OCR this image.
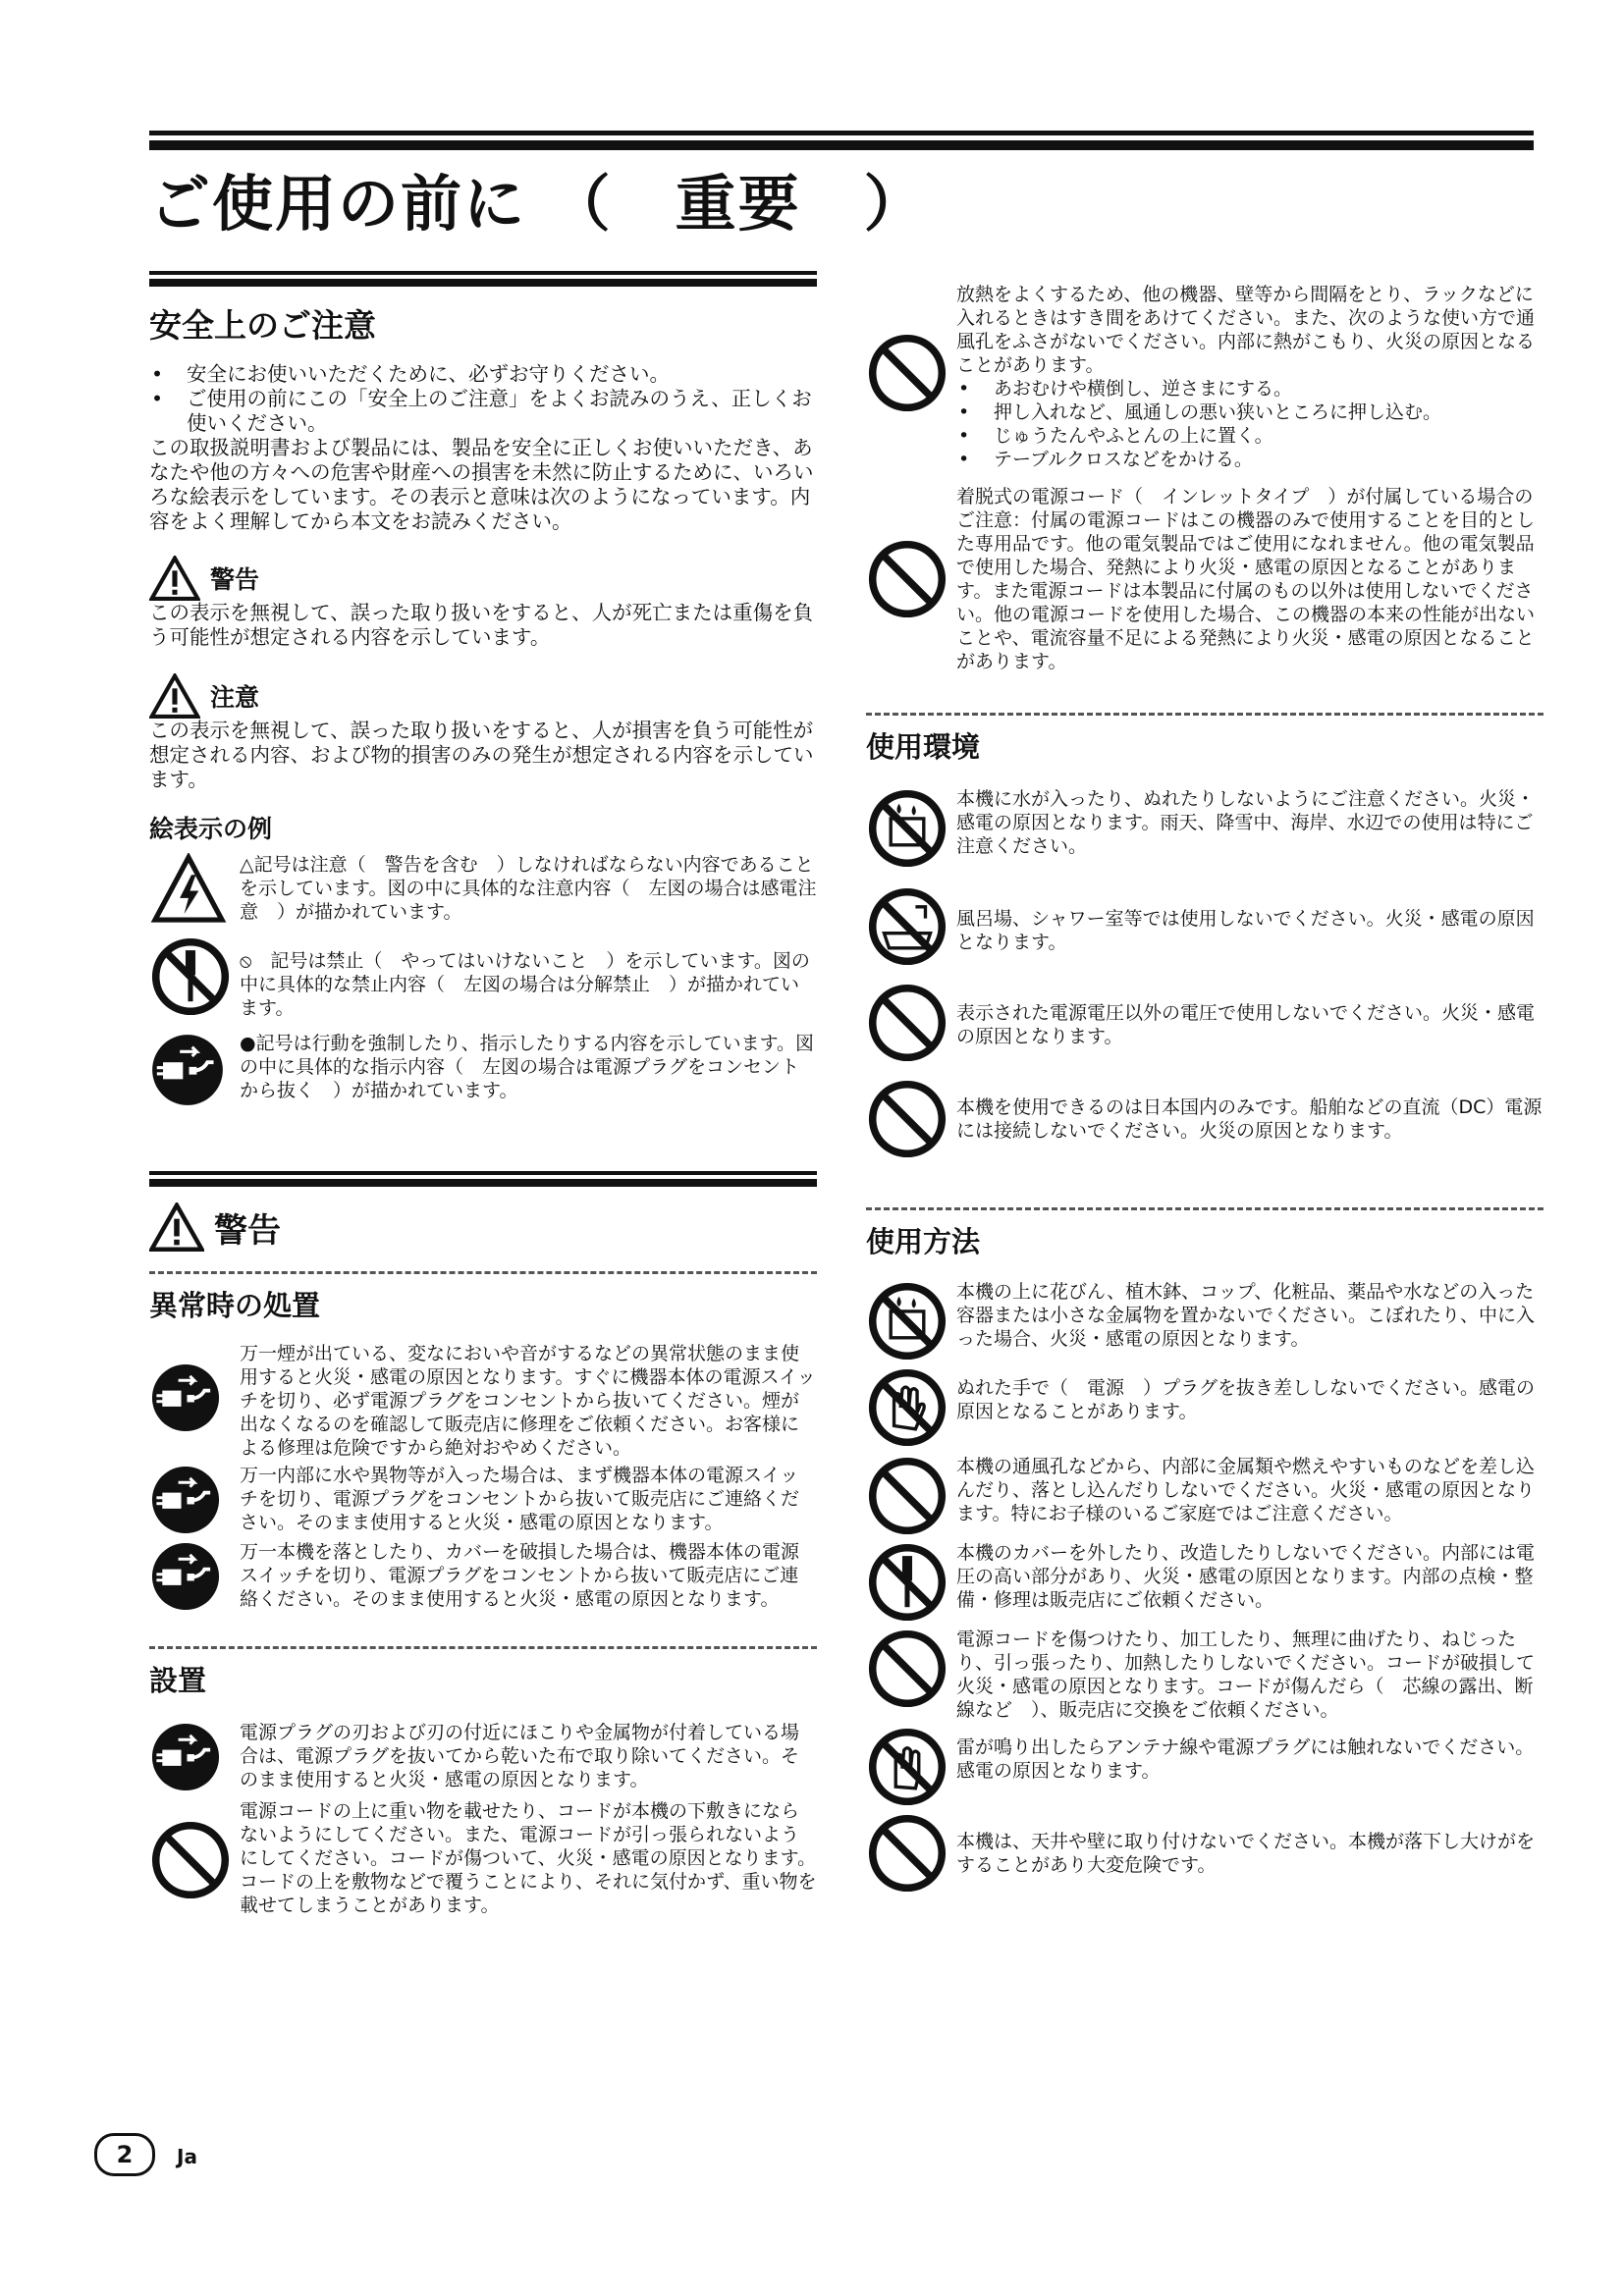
ご使用の前に （　重要　）
安全上のご注意
• 安全にお使いいただくために、必ずお守りください。
• ご使用の前にこの「安全上のご注意」をよくお読みのうえ、正しくお使いください。

この取扱説明書および製品には、製品を安全に正しくお使いいただき、あなたや他の方々への危害や財産への損害を未然に防止するために、いろいろな絵表示をしています。その表示と意味は次のようになっています。内容をよく理解してから本文をお読みください。

警告

この表示を無視して、誤った取り扱いをすると、人が死亡または重傷を負う可能性が想定される内容を示しています。

注意

この表示を無視して、誤った取り扱いをすると、人が損害を負う可能性が想定される内容、および物的損害のみの発生が想定される内容を示しています。

絵表示の例

△記号は注意（　警告を含む　）しなければならない内容であることを示しています。図の中に具体的な注意内容（　左図の場合は感電注意　）が描かれています。

⦸　記号は禁止（　やってはいけないこと　）を示しています。図の中に具体的な禁止内容（　左図の場合は分解禁止　）が描かれています。

●記号は行動を強制したり、指示したりする内容を示しています。図の中に具体的な指示内容（　左図の場合は電源プラグをコンセントから抜く　）が描かれています。

警告
異常時の処置

万一煙が出ている、変なにおいや音がするなどの異常状態のまま使用すると火災・感電の原因となります。すぐに機器本体の電源スイッチを切り、必ず電源プラグをコンセントから抜いてください。煙が出なくなるのを確認して販売店に修理をご依頼ください。お客様による修理は危険ですから絶対おやめください。

万一内部に水や異物等が入った場合は、まず機器本体の電源スイッチを切り、電源プラグをコンセントから抜いて販売店にご連絡ください。そのまま使用すると火災・感電の原因となります。

万一本機を落としたり、カバーを破損した場合は、機器本体の電源スイッチを切り、電源プラグをコンセントから抜いて販売店にご連絡ください。そのまま使用すると火災・感電の原因となります。

設置

電源プラグの刃および刃の付近にほこりや金属物が付着している場合は、電源プラグを抜いてから乾いた布で取り除いてください。そのまま使用すると火災・感電の原因となります。

電源コードの上に重い物を載せたり、コードが本機の下敷きにならないようにしてください。また、電源コードが引っ張られないようにしてください。コードが傷ついて、火災・感電の原因となります。コードの上を敷物などで覆うことにより、それに気付かず、重い物を載せてしまうことがあります。

放熱をよくするため、他の機器、壁等から間隔をとり、ラックなどに入れるときはすき間をあけてください。また、次のような使い方で通風孔をふさがないでください。内部に熱がこもり、火災の原因となることがあります。

• あおむけや横倒し、逆さまにする。
• 押し入れなど、風通しの悪い狭いところに押し込む。
• じゅうたんやふとんの上に置く。
• テーブルクロスなどをかける。

着脱式の電源コード（　インレットタイプ　）が付属している場合のご注意：付属の電源コードはこの機器のみで使用することを目的とした専用品です。他の電気製品ではご使用になれません。他の電気製品で使用した場合、発熱により火災・感電の原因となることがあります。また電源コードは本製品に付属のもの以外は使用しないでください。他の電源コードを使用した場合、この機器の本来の性能が出ないことや、電流容量不足による発熱により火災・感電の原因となることがあります。

使用環境

本機に水が入ったり、ぬれたりしないようにご注意ください。火災・感電の原因となります。雨天、降雪中、海岸、水辺での使用は特にご注意ください。

風呂場、シャワー室等では使用しないでください。火災・感電の原因となります。

表示された電源電圧以外の電圧で使用しないでください。火災・感電の原因となります。

本機を使用できるのは日本国内のみです。船舶などの直流（DC）電源には接続しないでください。火災の原因となります。

使用方法

本機の上に花びん、植木鉢、コップ、化粧品、薬品や水などの入った容器または小さな金属物を置かないでください。こぼれたり、中に入った場合、火災・感電の原因となります。

ぬれた手で（　電源　）プラグを抜き差ししないでください。感電の原因となることがあります。

本機の通風孔などから、内部に金属類や燃えやすいものなどを差し込んだり、落とし込んだりしないでください。火災・感電の原因となります。特にお子様のいるご家庭ではご注意ください。

本機のカバーを外したり、改造したりしないでください。内部には電圧の高い部分があり、火災・感電の原因となります。内部の点検・整備・修理は販売店にご依頼ください。

電源コードを傷つけたり、加工したり、無理に曲げたり、ねじったり、引っ張ったり、加熱したりしないでください。コードが破損して火災・感電の原因となります。コードが傷んだら（　芯線の露出、断線など　）、販売店に交換をご依頼ください。

雷が鳴り出したらアンテナ線や電源プラグには触れないでください。感電の原因となります。

本機は、天井や壁に取り付けないでください。本機が落下し大けがをすることがあり大変危険です。

2	Ja
